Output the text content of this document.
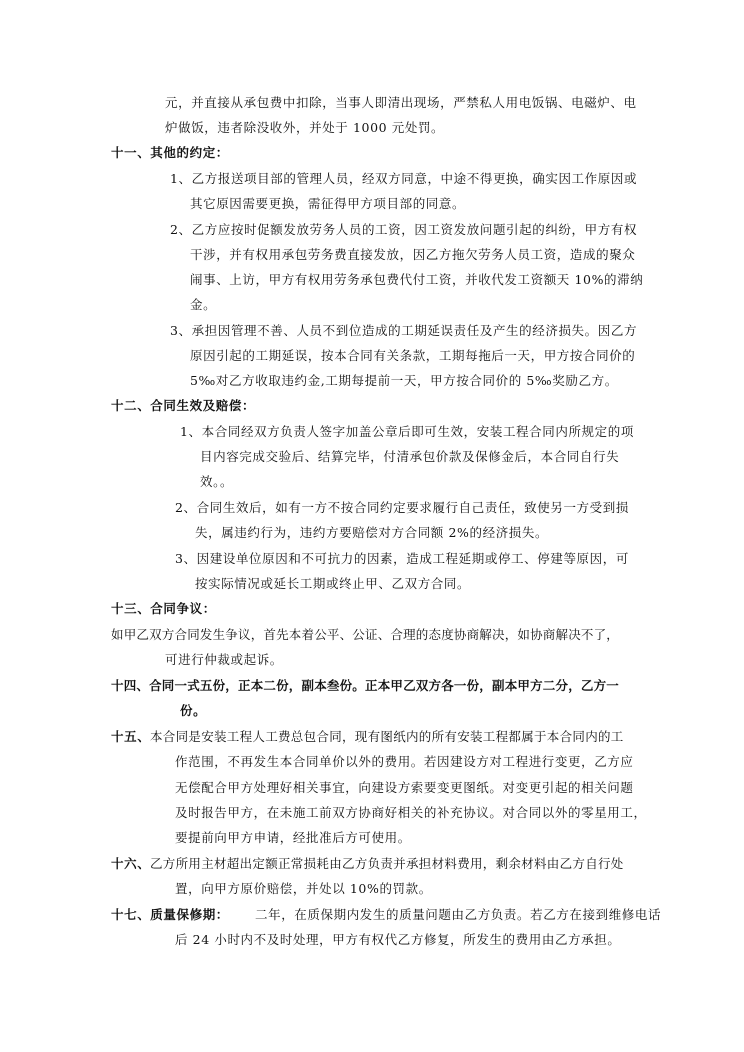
元，并直接从承包费中扣除，当事人即清出现场，严禁私人用电饭锅、电磁炉、电
炉做饭，违者除没收外，并处于 1000 元处罚。
十一、其他的约定：
1、乙方报送项目部的管理人员，经双方同意，中途不得更换，确实因工作原因或
其它原因需要更换，需征得甲方项目部的同意。
2、乙方应按时促额发放劳务人员的工资，因工资发放问题引起的纠纷，甲方有权
干涉，并有权用承包劳务费直接发放，因乙方拖欠劳务人员工资，造成的聚众
闹事、上访，甲方有权用劳务承包费代付工资，并收代发工资额天 10%的滞纳
金。
3、承担因管理不善、人员不到位造成的工期延误责任及产生的经济损失。因乙方
原因引起的工期延误，按本合同有关条款，工期每拖后一天，甲方按合同价的
5‰对乙方收取违约金,工期每提前一天，甲方按合同价的 5‰奖励乙方。
十二、合同生效及赔偿：
1、本合同经双方负责人签字加盖公章后即可生效，安装工程合同内所规定的项
目内容完成交验后、结算完毕，付清承包价款及保修金后，本合同自行失
效。。
2、合同生效后，如有一方不按合同约定要求履行自己责任，致使另一方受到损
失，属违约行为，违约方要赔偿对方合同额 2%的经济损失。
3、因建设单位原因和不可抗力的因素，造成工程延期或停工、停建等原因，可
按实际情况或延长工期或终止甲、乙双方合同。
十三、合同争议：
如甲乙双方合同发生争议，首先本着公平、公证、合理的态度协商解决，如协商解决不了，
可进行仲裁或起诉。
十四、合同一式五份，正本二份，副本叁份。正本甲乙双方各一份，副本甲方二分，乙方一
份。
十五、 本合同是安装工程人工费总包合同，现有图纸内的所有安装工程都属于本合同内的工
作范围，不再发生本合同单价以外的费用。若因建设方对工程进行变更，乙方应
无偿配合甲方处理好相关事宜，向建设方索要变更图纸。对变更引起的相关问题
及时报告甲方，在未施工前双方协商好相关的补充协议。对合同以外的零星用工，
要提前向甲方申请，经批准后方可使用。
十六、 乙方所用主材超出定额正常损耗由乙方负责并承担材料费用，剩余材料由乙方自行处
置，向甲方原价赔偿，并处以 10%的罚款。
十七、质量保修期： 二年，在质保期内发生的质量问题由乙方负责。若乙方在接到维修电话
后 24 小时内不及时处理，甲方有权代乙方修复，所发生的费用由乙方承担。
